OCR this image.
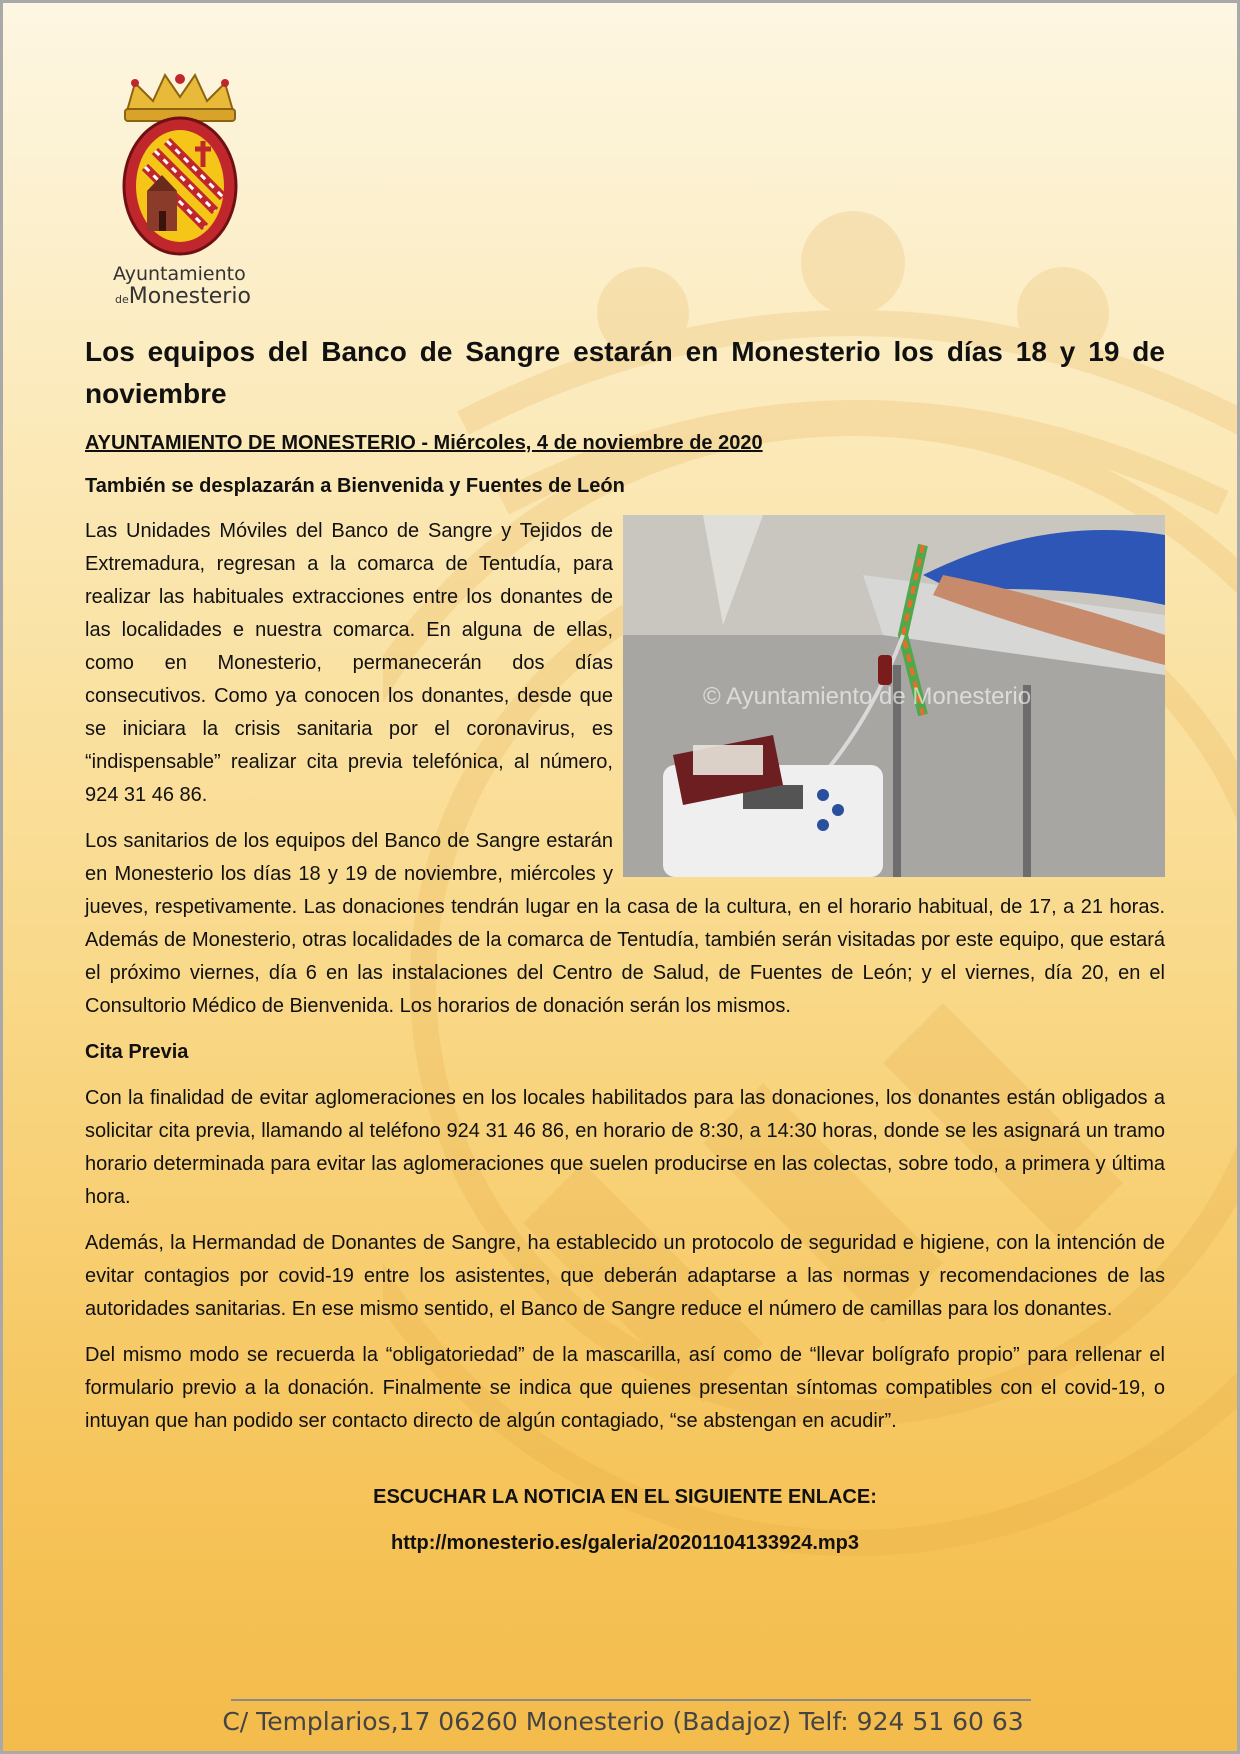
Ayuntamiento
deMonesterio
Los equipos del Banco de Sangre estarán en Monesterio los días 18 y 19 de noviembre
AYUNTAMIENTO DE MONESTERIO - Miércoles, 4 de noviembre de 2020
También se desplazarán a Bienvenida y Fuentes de León
© Ayuntamiento de Monesterio

Las Unidades Móviles del Banco de Sangre y Tejidos de Extremadura, regresan a la comarca de Tentudía, para realizar las habituales extracciones entre los donantes de las localidades e nuestra comarca. En alguna de ellas, como en Monesterio, permanecerán dos días consecutivos. Como ya conocen los donantes, desde que se iniciara la crisis sanitaria por el coronavirus, es “indispensable” realizar cita previa telefónica, al número, 924 31 46 86.

Los sanitarios de los equipos del Banco de Sangre estarán en Monesterio los días 18 y 19 de noviembre, miércoles y jueves, respetivamente. Las donaciones tendrán lugar en la casa de la cultura, en el horario habitual, de 17, a 21 horas. Además de Monesterio, otras localidades de la comarca de Tentudía, también serán visitadas por este equipo, que estará el próximo viernes, día 6 en las instalaciones del Centro de Salud, de Fuentes de León; y el viernes, día 20, en el Consultorio Médico de Bienvenida. Los horarios de donación serán los mismos.

Cita Previa

Con la finalidad de evitar aglomeraciones en los locales habilitados para las donaciones, los donantes están obligados a solicitar cita previa, llamando al teléfono 924 31 46 86, en horario de 8:30, a 14:30 horas, donde se les asignará un tramo horario determinada para evitar las aglomeraciones que suelen producirse en las colectas, sobre todo, a primera y última hora.

Además, la Hermandad de Donantes de Sangre, ha establecido un protocolo de seguridad e higiene, con la intención de evitar contagios por covid-19 entre los asistentes, que deberán adaptarse a las normas y recomendaciones de las autoridades sanitarias. En ese mismo sentido, el Banco de Sangre reduce el número de camillas para los donantes.

Del mismo modo se recuerda la “obligatoriedad” de la mascarilla, así como de “llevar bolígrafo propio” para rellenar el formulario previo a la donación. Finalmente se indica que quienes presentan síntomas compatibles con el covid-19, o intuyan que han podido ser contacto directo de algún contagiado, “se abstengan en acudir”.

ESCUCHAR LA NOTICIA EN EL SIGUIENTE ENLACE:
http://monesterio.es/galeria/20201104133924.mp3
C/ Templarios,17 06260 Monesterio (Badajoz) Telf: 924 51 60 63
